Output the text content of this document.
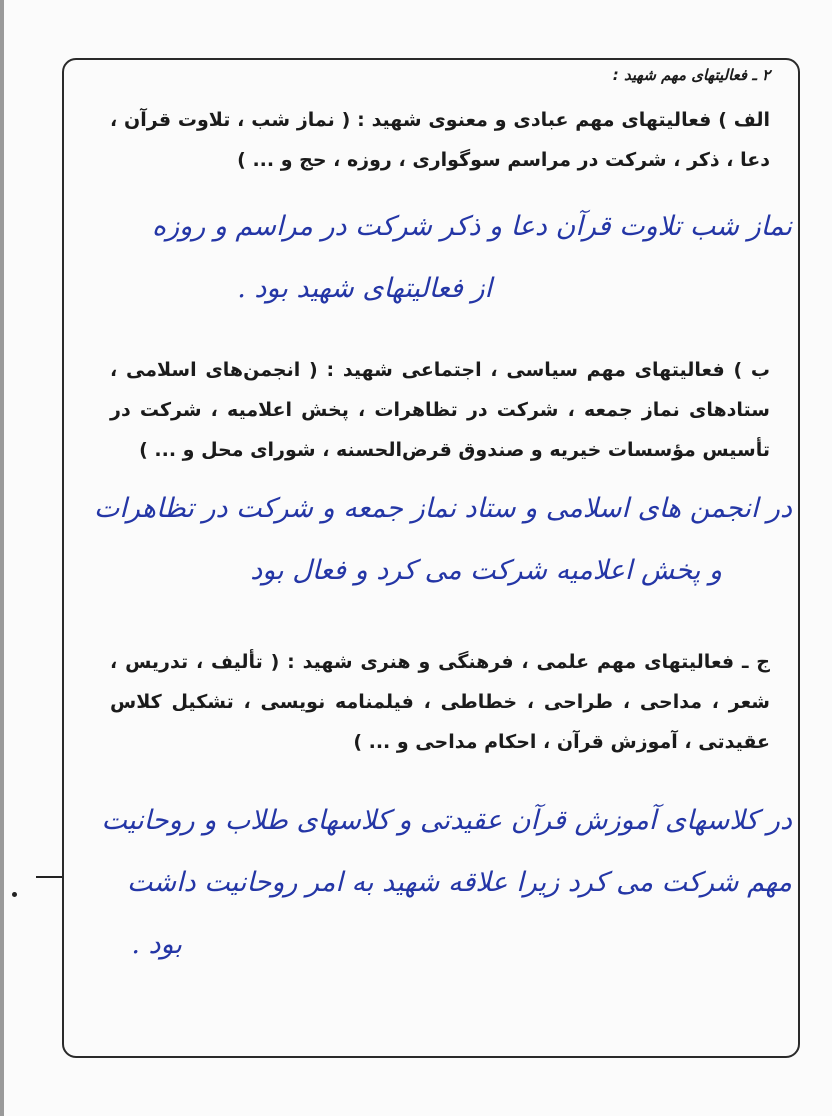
۲ ـ فعالیتهای مهم شهید :

الف ) فعالیتهای مهم عبادی و معنوی شهید : ( نماز شب ، تلاوت قرآن ، دعا ، ذکر ، شرکت در مراسم سوگواری ، روزه ، حج و ... )

نماز شب تلاوت قرآن دعا و ذکر شرکت در مراسم و روزه
از فعالیتهای شهید بود .

ب ) فعالیتهای مهم سیاسی ، اجتماعی شهید : ( انجمن‌های اسلامی ، ستادهای نماز جمعه ، شرکت در تظاهرات ، پخش اعلامیه ، شرکت در تأسیس مؤسسات خیریه و صندوق قرض‌الحسنه ، شورای محل و ... )

در انجمن های اسلامی و ستاد نماز جمعه و شرکت در تظاهرات
و پخش اعلامیه شرکت می کرد و فعال بود

ج ـ فعالیتهای مهم علمی ، فرهنگی و هنری شهید : ( تألیف ، تدریس ، شعر ، مداحی ، طراحی ، خطاطی ، فیلمنامه نویسی ، تشکیل کلاس عقیدتی ، آموزش قرآن ، احکام مداحی و ... )

در کلاسهای آموزش قرآن عقیدتی و کلاسهای طلاب و روحانیت
مهم شرکت می کرد زیرا علاقه شهید به امر روحانیت داشت
بود .
